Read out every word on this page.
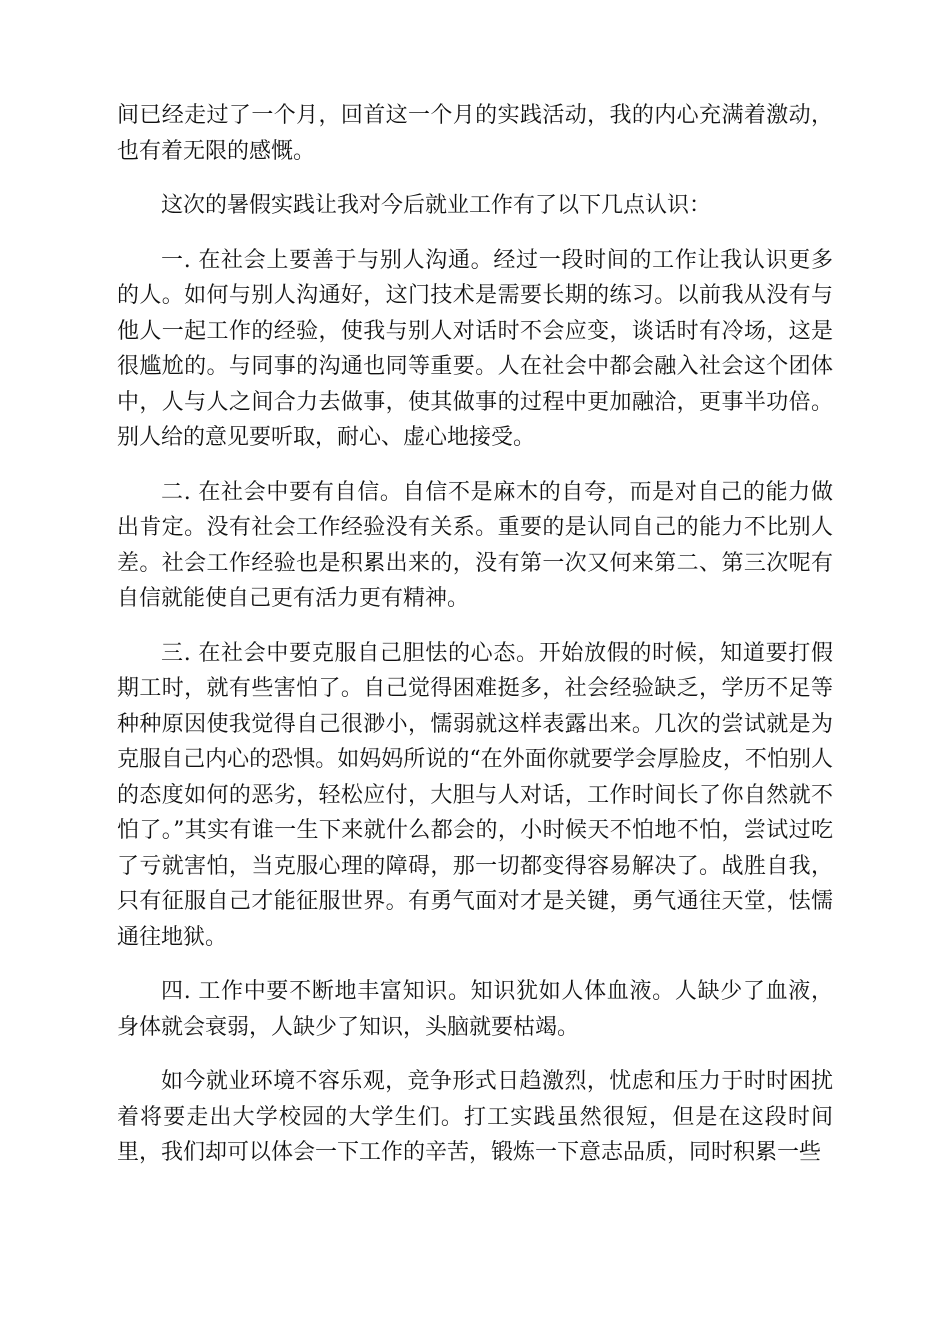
间已经走过了一个月，回首这一个月的实践活动，我的内心充满着激动，也有着无限的感慨。

这次的暑假实践让我对今后就业工作有了以下几点认识：

一. 在社会上要善于与别人沟通。经过一段时间的工作让我认识更多的人。如何与别人沟通好，这门技术是需要长期的练习。以前我从没有与他人一起工作的经验，使我与别人对话时不会应变，谈话时有冷场，这是很尴尬的。与同事的沟通也同等重要。人在社会中都会融入社会这个团体中，人与人之间合力去做事，使其做事的过程中更加融洽，更事半功倍。别人给的意见要听取，耐心、虚心地接受。

二. 在社会中要有自信。自信不是麻木的自夸，而是对自己的能力做出肯定。没有社会工作经验没有关系。重要的是认同自己的能力不比别人差。社会工作经验也是积累出来的，没有第一次又何来第二、第三次呢有自信就能使自己更有活力更有精神。

三. 在社会中要克服自己胆怯的心态。开始放假的时候，知道要打假期工时，就有些害怕了。自己觉得困难挺多，社会经验缺乏，学历不足等种种原因使我觉得自己很渺小，懦弱就这样表露出来。几次的尝试就是为克服自己内心的恐惧。如妈妈所说的“在外面你就要学会厚脸皮，不怕别人的态度如何的恶劣，轻松应付，大胆与人对话，工作时间长了你自然就不怕了。”其实有谁一生下来就什么都会的，小时候天不怕地不怕，尝试过吃了亏就害怕，当克服心理的障碍，那一切都变得容易解决了。战胜自我，只有征服自己才能征服世界。有勇气面对才是关键，勇气通往天堂，怯懦通往地狱。

四. 工作中要不断地丰富知识。知识犹如人体血液。人缺少了血液，身体就会衰弱，人缺少了知识，头脑就要枯竭。

如今就业环境不容乐观，竞争形式日趋激烈，忧虑和压力于时时困扰着将要走出大学校园的大学生们。打工实践虽然很短，但是在这段时间里，我们却可以体会一下工作的辛苦，锻炼一下意志品质，同时积累一些
